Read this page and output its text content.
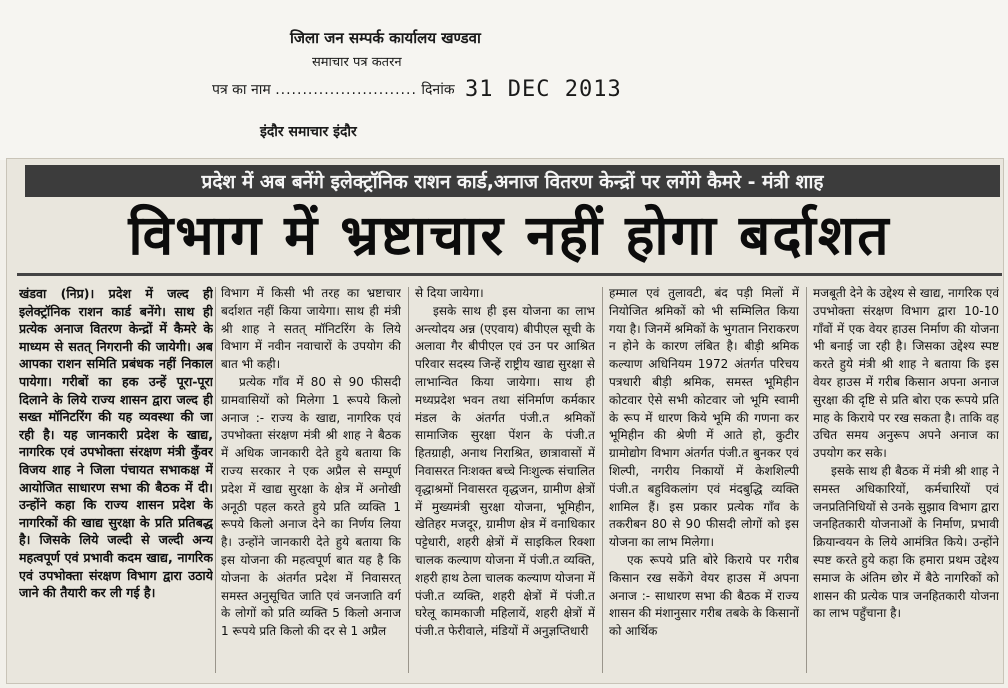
जिला जन सम्पर्क कार्यालय खण्डवा
समाचार पत्र कतरन
पत्र का नाम .......................... दिनांक 31 DEC 2013
इंदौर समाचार इंदौर
प्रदेश में अब बनेंगे इलेक्ट्रॉनिक राशन कार्ड,अनाज वितरण केन्द्रों पर लगेंगे कैमरे - मंत्री शाह
विभाग में भ्रष्टाचार नहीं होगा बर्दाशत

खंडवा (निप्र)। प्रदेश में जल्द ही इलेक्ट्रॉनिक राशन कार्ड बनेंगे। साथ ही प्रत्येक अनाज वितरण केन्द्रों में कैमरे के माध्यम से सतत् निगरानी की जायेगी। अब आपका राशन समिति प्रबंधक नहीं निकाल पायेगा। गरीबों का हक उन्हें पूरा-पूरा दिलाने के लिये राज्य शासन द्वारा जल्द ही सख्त मॉनिटरिंग की यह व्यवस्था की जा रही है। यह जानकारी प्रदेश के खाद्य, नागरिक एवं उपभोक्ता संरक्षण मंत्री कुँवर विजय शाह ने जिला पंचायत सभाकक्ष में आयोजित साधारण सभा की बैठक में दी। उन्होंने कहा कि राज्य शासन प्रदेश के नागरिकों की खाद्य सुरक्षा के प्रति प्रतिबद्ध है। जिसके लिये जल्दी से जल्दी अन्य महत्वपूर्ण एवं प्रभावी कदम खाद्य, नागरिक एवं उपभोक्ता संरक्षण विभाग द्वारा उठाये जाने की तैयारी कर ली गई है।

विभाग में किसी भी तरह का भ्रष्टाचार बर्दाशत नहीं किया जायेगा। साथ ही मंत्री श्री शाह ने सतत् मॉनिटरिंग के लिये विभाग में नवीन नवाचारों के उपयोग की बात भी कही।

प्रत्येक गाँव में 80 से 90 फीसदी ग्रामवासियों को मिलेगा 1 रूपये किलो अनाज :- राज्य के खाद्य, नागरिक एवं उपभोक्ता संरक्षण मंत्री श्री शाह ने बैठक में अधिक जानकारी देते हुये बताया कि राज्य सरकार ने एक अप्रैल से सम्पूर्ण प्रदेश में खाद्य सुरक्षा के क्षेत्र में अनोखी अनूठी पहल करते हुये प्रति व्यक्ति 1 रूपये किलो अनाज देने का निर्णय लिया है। उन्होंने जानकारी देते हुये बताया कि इस योजना की महत्वपूर्ण बात यह है कि योजना के अंतर्गत प्रदेश में निवासरत् समस्त अनुसूचित जाति एवं जनजाति वर्ग के लोगों को प्रति व्यक्ति 5 किलो अनाज 1 रूपये प्रति किलो की दर से 1 अप्रैल

से दिया जायेगा।

इसके साथ ही इस योजना का लाभ अन्त्योदय अन्न (एएवाय) बीपीएल सूची के अलावा गैर बीपीएल एवं उन पर आश्रित परिवार सदस्य जिन्हें राष्ट्रीय खाद्य सुरक्षा से लाभान्वित किया जायेगा। साथ ही मध्यप्रदेश भवन तथा संनिर्माण कर्मकार मंडल के अंतर्गत पंजी.त श्रमिकों सामाजिक सुरक्षा पेंशन के पंजी.त हितग्राही, अनाथ निराश्रित, छात्रावासों में निवासरत निःशक्त बच्चे निःशुल्क संचालित वृद्धाश्रमों निवासरत वृद्धजन, ग्रामीण क्षेत्रों में मुख्यमंत्री सुरक्षा योजना, भूमिहीन, खेतिहर मजदूर, ग्रामीण क्षेत्र में वनाधिकार पट्टेधारी, शहरी क्षेत्रों में साइकिल रिक्शा चालक कल्याण योजना में पंजी.त व्यक्ति, शहरी हाथ ठेला चालक कल्याण योजना में पंजी.त व्यक्ति, शहरी क्षेत्रों में पंजी.त घरेलू कामकाजी महिलायें, शहरी क्षेत्रों में पंजी.त फेरीवाले, मंडियों में अनुज्ञप्तिधारी

हम्माल एवं तुलावटी, बंद पड़ी मिलों में नियोजित श्रमिकों को भी सम्मिलित किया गया है। जिनमें श्रमिकों के भुगतान निराकरण न होने के कारण लंबित है। बीड़ी श्रमिक कल्याण अधिनियम 1972 अंतर्गत परिचय पत्रधारी बीड़ी श्रमिक, समस्त भूमिहीन कोटवार ऐसे सभी कोटवार जो भूमि स्वामी के रूप में धारण किये भूमि की गणना कर भूमिहीन की श्रेणी में आते हो, कुटीर ग्रामोद्योग विभाग अंतर्गत पंजी.त बुनकर एवं शिल्पी, नगरीय निकायों में केशशिल्पी पंजी.त बहुविकलांग एवं मंदबुद्धि व्यक्ति शामिल हैं। इस प्रकार प्रत्येक गाँव के तकरीबन 80 से 90 फीसदी लोगों को इस योजना का लाभ मिलेगा।

एक रूपये प्रति बोरे किराये पर गरीब किसान रख सकेंगे वेयर हाउस में अपना अनाज :- साधारण सभा की बैठक में राज्य शासन की मंशानुसार गरीब तबके के किसानों को आर्थिक

मजबूती देने के उद्देश्य से खाद्य, नागरिक एवं उपभोक्ता संरक्षण विभाग द्वारा 10-10 गाँवों में एक वेयर हाउस निर्माण की योजना भी बनाई जा रही है। जिसका उद्देश्य स्पष्ट करते हुये मंत्री श्री शाह ने बताया कि इस वेयर हाउस में गरीब किसान अपना अनाज सुरक्षा की दृष्टि से प्रति बोरा एक रूपये प्रति माह के किराये पर रख सकता है। ताकि वह उचित समय अनुरूप अपने अनाज का उपयोग कर सके।

इसके साथ ही बैठक में मंत्री श्री शाह ने समस्त अधिकारियों, कर्मचारियों एवं जनप्रतिनिधियों से उनके सुझाव विभाग द्वारा जनहितकारी योजनाओं के निर्माण, प्रभावी क्रियान्वयन के लिये आमंत्रित किये। उन्होंने स्पष्ट करते हुये कहा कि हमारा प्रथम उद्देश्य समाज के अंतिम छोर में बैठे नागरिकों को शासन की प्रत्येक पात्र जनहितकारी योजना का लाभ पहुँचाना है।
